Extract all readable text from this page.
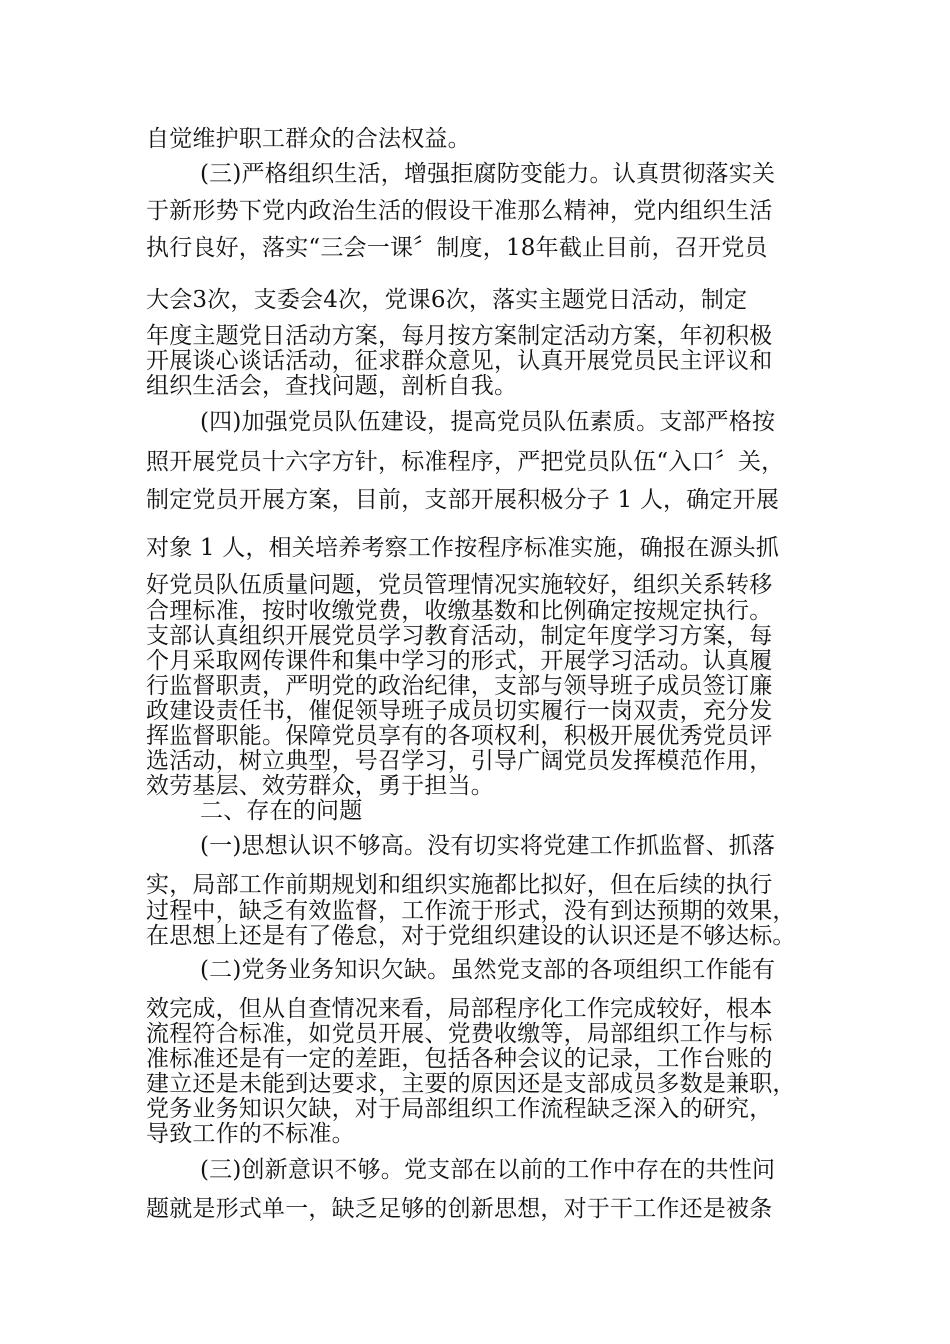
自觉维护职工群众的合法权益。
(三)严格组织生活，增强拒腐防变能力。认真贯彻落实关
于新形势下党内政治生活的假设干准那么精神，党内组织生活
执行良好，落实“三会一课〞制度，18年截止目前，召开党员
大会3次，支委会4次，党课6次，落实主题党日活动，制定
年度主题党日活动方案，每月按方案制定活动方案，年初积极
开展谈心谈话活动，征求群众意见，认真开展党员民主评议和
组织生活会，查找问题，剖析自我。
(四)加强党员队伍建设，提高党员队伍素质。支部严格按
照开展党员十六字方针，标准程序，严把党员队伍“入口〞关，
制定党员开展方案，目前，支部开展积极分子 1 人，确定开展
对象 1 人，相关培养考察工作按程序标准实施，确报在源头抓
好党员队伍质量问题，党员管理情况实施较好，组织关系转移
合理标准，按时收缴党费，收缴基数和比例确定按规定执行。
支部认真组织开展党员学习教育活动，制定年度学习方案，每
个月采取网传课件和集中学习的形式，开展学习活动。认真履
行监督职责，严明党的政治纪律，支部与领导班子成员签订廉
政建设责任书，催促领导班子成员切实履行一岗双责，充分发
挥监督职能。保障党员享有的各项权利，积极开展优秀党员评
选活动，树立典型，号召学习，引导广阔党员发挥模范作用，
效劳基层、效劳群众，勇于担当。
二、存在的问题
(一)思想认识不够高。没有切实将党建工作抓监督、抓落
实，局部工作前期规划和组织实施都比拟好，但在后续的执行
过程中，缺乏有效监督，工作流于形式，没有到达预期的效果，
在思想上还是有了倦怠，对于党组织建设的认识还是不够达标。
(二)党务业务知识欠缺。虽然党支部的各项组织工作能有
效完成，但从自查情况来看，局部程序化工作完成较好，根本
流程符合标准，如党员开展、党费收缴等，局部组织工作与标
准标准还是有一定的差距，包括各种会议的记录，工作台账的
建立还是未能到达要求，主要的原因还是支部成员多数是兼职，
党务业务知识欠缺，对于局部组织工作流程缺乏深入的研究，
导致工作的不标准。
(三)创新意识不够。党支部在以前的工作中存在的共性问
题就是形式单一，缺乏足够的创新思想，对于干工作还是被条
